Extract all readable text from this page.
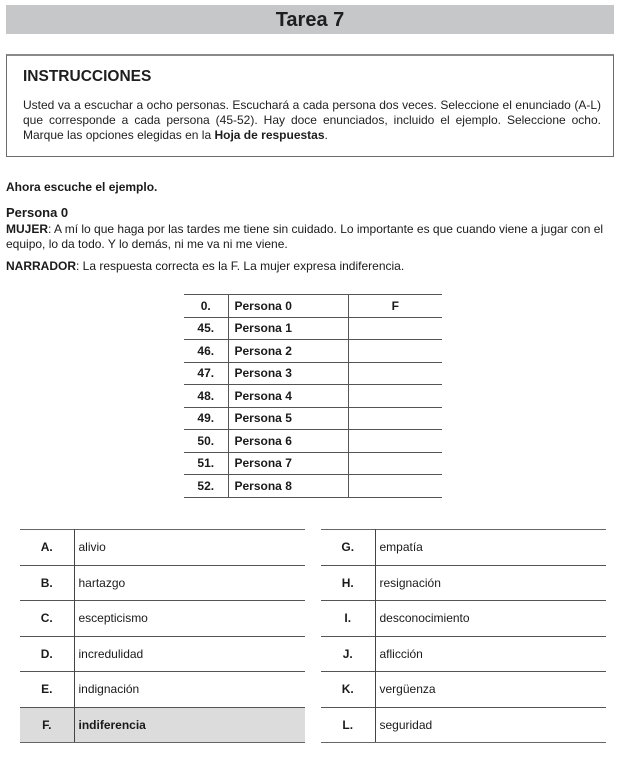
Tarea 7
INSTRUCCIONES
Usted va a escuchar a ocho personas. Escuchará a cada persona dos veces. Seleccione el enunciado (A-L) que corresponde a cada persona (45-52). Hay doce enunciados, incluido el ejemplo. Seleccione ocho. Marque las opciones elegidas en la Hoja de respuestas.
Ahora escuche el ejemplo.
Persona 0
MUJER: A mí lo que haga por las tardes me tiene sin cuidado. Lo importante es que cuando viene a jugar con el equipo, lo da todo. Y lo demás, ni me va ni me viene.
NARRADOR: La respuesta correcta es la F. La mujer expresa indiferencia.
0.	Persona 0	F
45.	Persona 1	
46.	Persona 2	
47.	Persona 3	
48.	Persona 4	
49.	Persona 5	
50.	Persona 6	
51.	Persona 7	
52.	Persona 8	
A.	alivio
B.	hartazgo
C.	escepticismo
D.	incredulidad
E.	indignación
F.	indiferencia
G.	empatía
H.	resignación
I.	desconocimiento
J.	aflicción
K.	vergüenza
L.	seguridad
